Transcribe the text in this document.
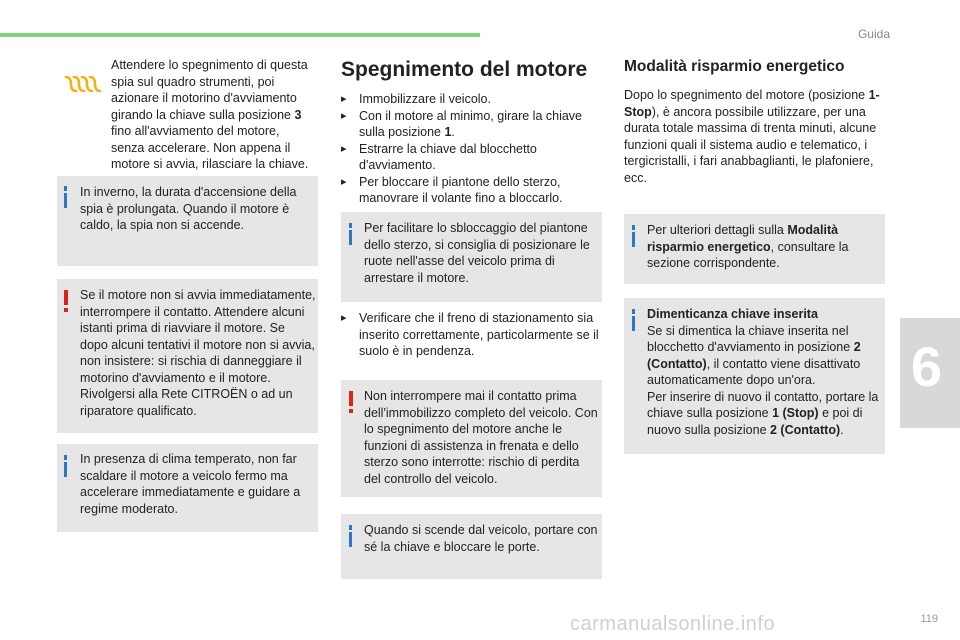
Guida
6
119
carmanualsonline.info
Attendere lo spegnimento di questa spia sul quadro strumenti, poi azionare il motorino d'avviamento girando la chiave sulla posizione 3 fino all'avviamento del motore, senza accelerare. Non appena il motore si avvia, rilasciare la chiave.
In inverno, la durata d'accensione della spia è prolungata. Quando il motore è caldo, la spia non si accende.
Se il motore non si avvia immediatamente, interrompere il contatto. Attendere alcuni istanti prima di riavviare il motore. Se dopo alcuni tentativi il motore non si avvia, non insistere: si rischia di danneggiare il motorino d'avviamento e il motore. Rivolgersi alla Rete CITROËN o ad un riparatore qualificato.
In presenza di clima temperato, non far scaldare il motore a veicolo fermo ma accelerare immediatamente e guidare a regime moderato.
Spegnimento del motore
▸ Immobilizzare il veicolo.
▸ Con il motore al minimo, girare la chiave sulla posizione 1.
▸ Estrarre la chiave dal blocchetto d'avviamento.
▸ Per bloccare il piantone dello sterzo, manovrare il volante fino a bloccarlo.
Per facilitare lo sbloccaggio del piantone dello sterzo, si consiglia di posizionare le ruote nell'asse del veicolo prima di arrestare il motore.
▸ Verificare che il freno di stazionamento sia inserito correttamente, particolarmente se il suolo è in pendenza.
Non interrompere mai il contatto prima dell'immobilizzo completo del veicolo. Con lo spegnimento del motore anche le funzioni di assistenza in frenata e dello sterzo sono interrotte: rischio di perdita del controllo del veicolo.
Quando si scende dal veicolo, portare con sé la chiave e bloccare le porte.
Modalità risparmio energetico
Dopo lo spegnimento del motore (posizione 1-Stop), è ancora possibile utilizzare, per una durata totale massima di trenta minuti, alcune funzioni quali il sistema audio e telematico, i tergicristalli, i fari anabbaglianti, le plafoniere, ecc.
Per ulteriori dettagli sulla Modalità risparmio energetico, consultare la sezione corrispondente.
Dimenticanza chiave inserita
Se si dimentica la chiave inserita nel blocchetto d'avviamento in posizione 2 (Contatto), il contatto viene disattivato automaticamente dopo un'ora.
Per inserire di nuovo il contatto, portare la chiave sulla posizione 1 (Stop) e poi di nuovo sulla posizione 2 (Contatto).
